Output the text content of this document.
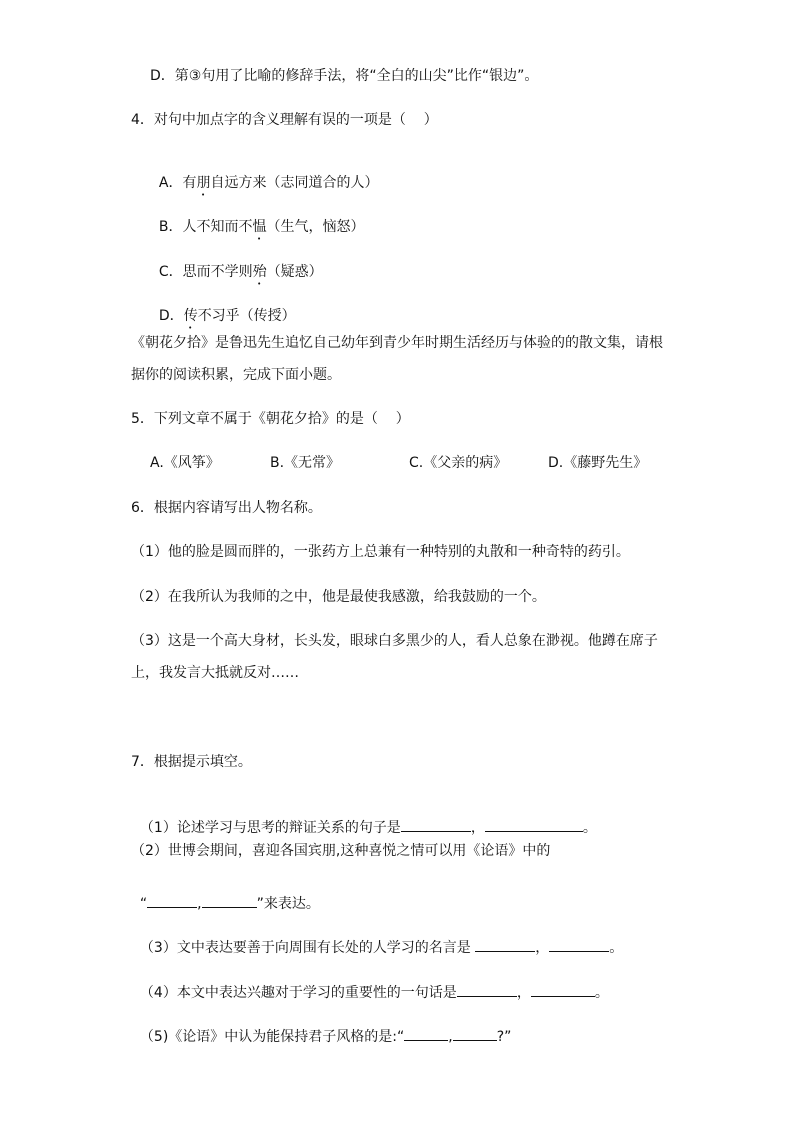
D．第③句用了比喻的修辞手法，将“全白的山尖”比作“银边”。
4．对句中加点字的含义理解有误的一项是（    ）

A．有朋自远方来（志同道合的人）

B．人不知而不愠（生气，恼怒）

C．思而不学则殆（疑惑）

D．传不习乎（传授）

《朝花夕拾》是鲁迅先生追忆自己幼年到青少年时期生活经历与体验的的散文集，请根
据你的阅读积累，完成下面小题。
5．下列文章不属于《朝花夕拾》的是（    ）
A.《风筝》	B.《无常》	C.《父亲的病》	D.《藤野先生》
6．根据内容请写出人物名称。
（1）他的脸是圆而胖的，一张药方上总兼有一种特别的丸散和一种奇特的药引。
（2）在我所认为我师的之中，他是最使我感激，给我鼓励的一个。
（3）这是一个高大身材，长头发，眼球白多黑少的人，看人总象在渺视。他蹲在席子
上，我发言大抵就反对……
7．根据提示填空。

（1）论述学习与思考的辩证关系的句子是	，	。

（2）世博会期间，喜迎各国宾朋,这种喜悦之情可以用《论语》中的

“	,	”来表达。

（3）文中表达要善于向周围有长处的人学习的名言是	，	。

（4）本文中表达兴趣对于学习的重要性的一句话是	，	。

（5)《论语》中认为能保持君子风格的是:“	,	?”
